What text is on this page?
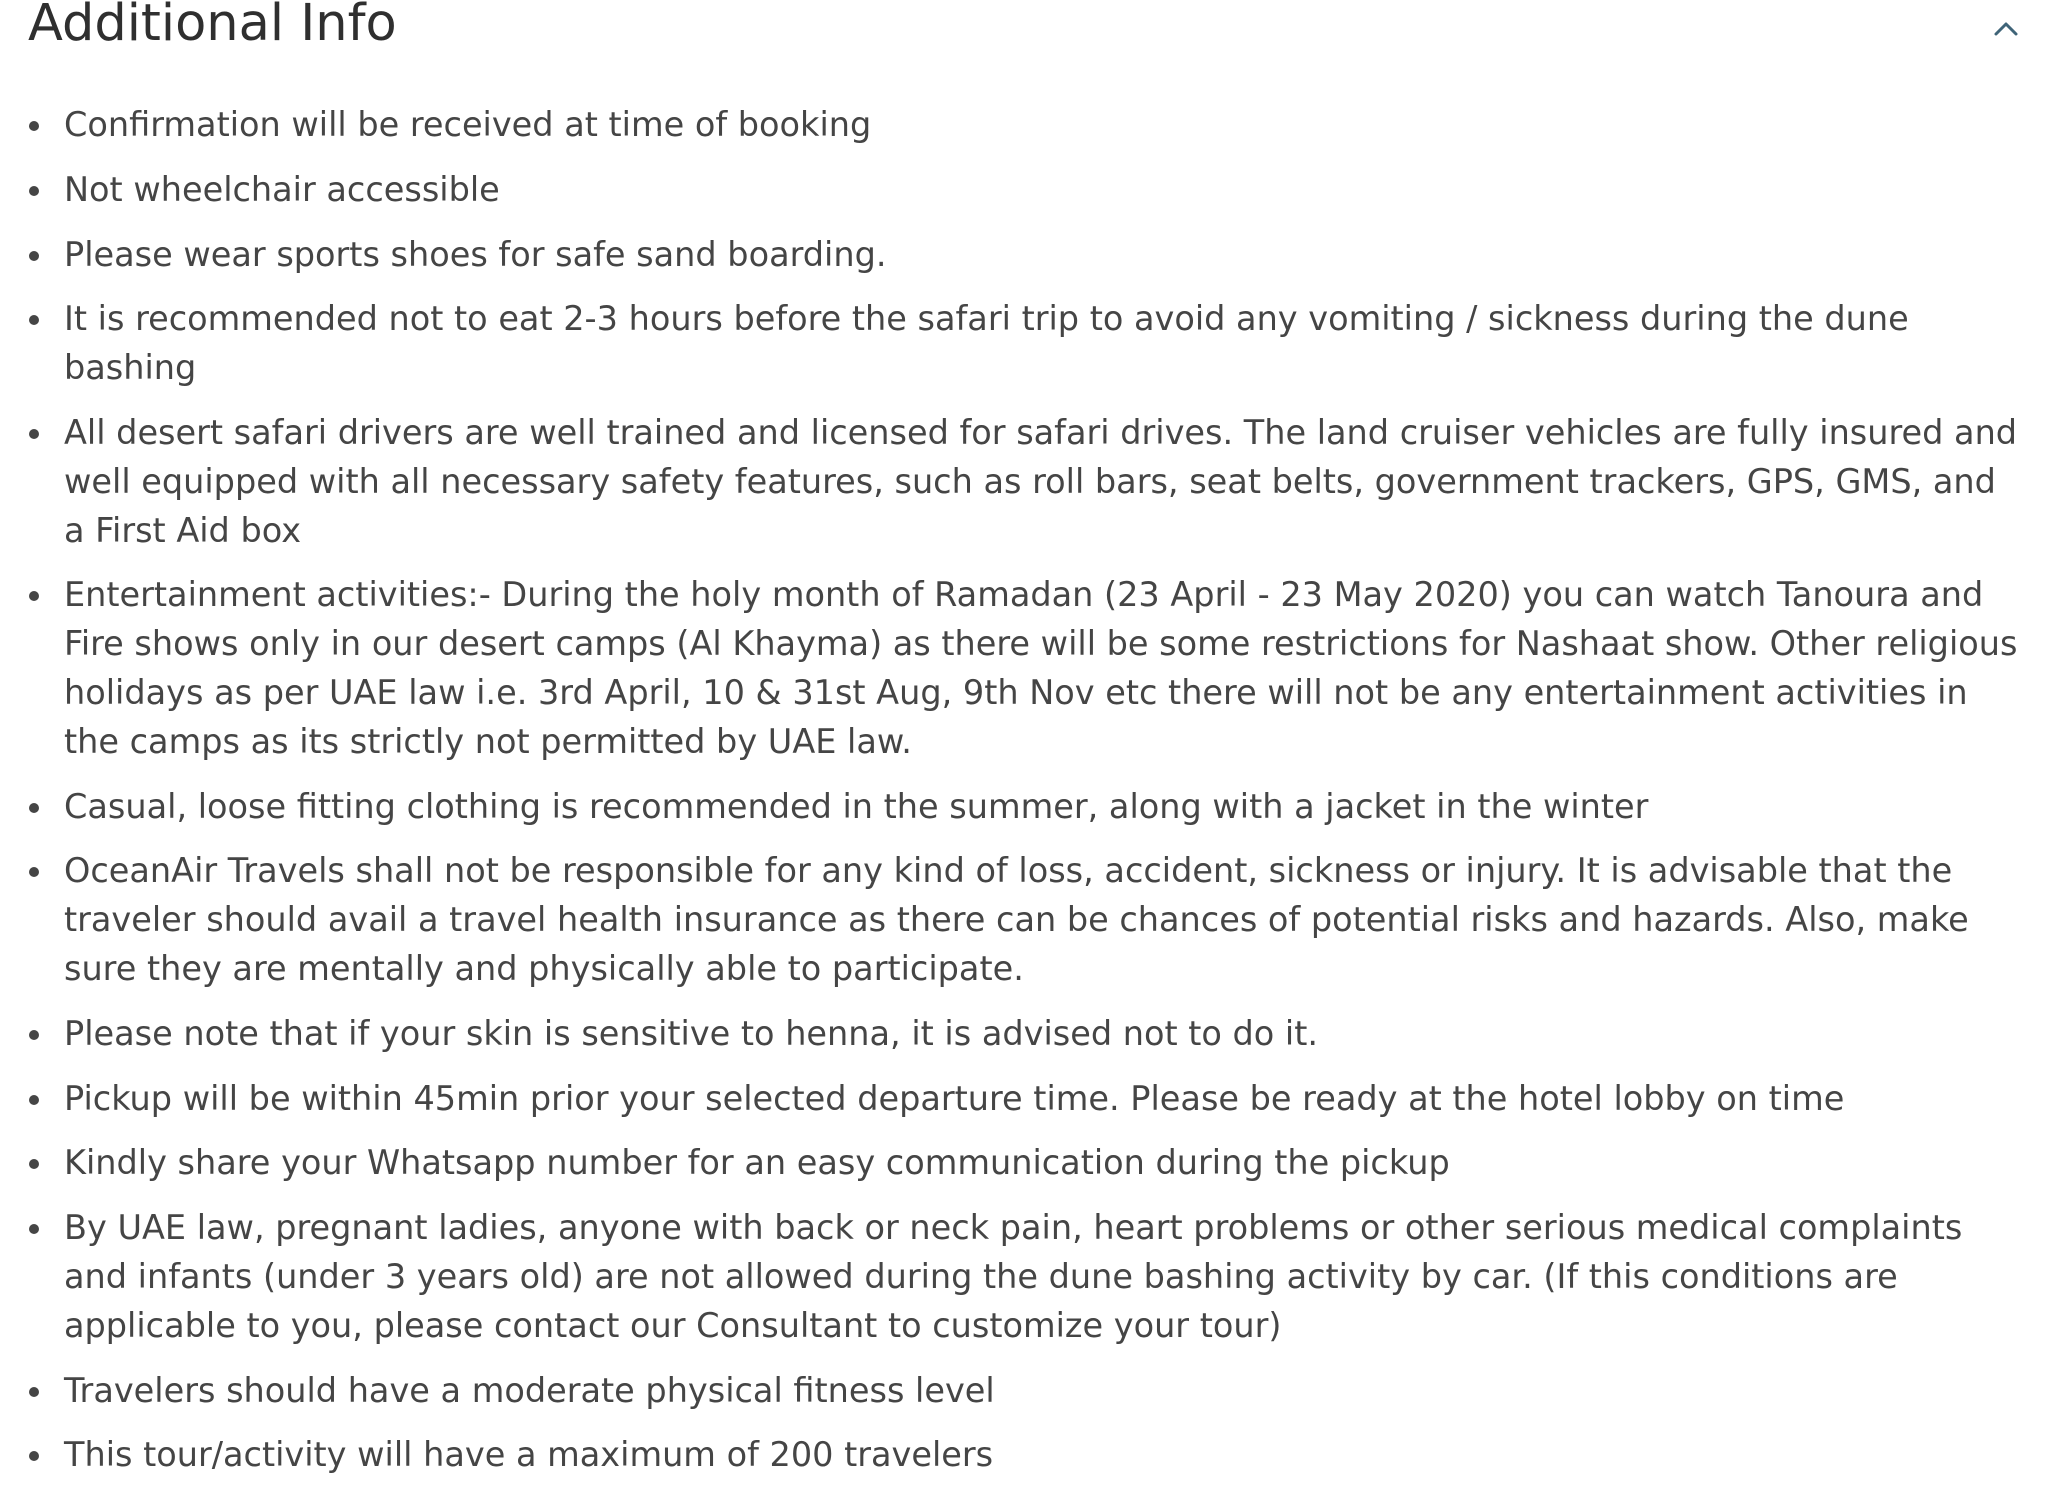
Additional Info
Confirmation will be received at time of booking
Not wheelchair accessible
Please wear sports shoes for safe sand boarding.
It is recommended not to eat 2-3 hours before the safari trip to avoid any vomiting / sickness during the dune bashing
All desert safari drivers are well trained and licensed for safari drives. The land cruiser vehicles are fully insured and well equipped with all necessary safety features, such as roll bars, seat belts, government trackers, GPS, GMS, and a First Aid box
Entertainment activities:- During the holy month of Ramadan (23 April - 23 May 2020) you can watch Tanoura and Fire shows only in our desert camps (Al Khayma) as there will be some restrictions for Nashaat show. Other religious holidays as per UAE law i.e. 3rd April, 10 & 31st Aug, 9th Nov etc there will not be any entertainment activities in the camps as its strictly not permitted by UAE law.
Casual, loose fitting clothing is recommended in the summer, along with a jacket in the winter
OceanAir Travels shall not be responsible for any kind of loss, accident, sickness or injury. It is advisable that the traveler should avail a travel health insurance as there can be chances of potential risks and hazards. Also, make sure they are mentally and physically able to participate.
Please note that if your skin is sensitive to henna, it is advised not to do it.
Pickup will be within 45min prior your selected departure time. Please be ready at the hotel lobby on time
Kindly share your Whatsapp number for an easy communication during the pickup
By UAE law, pregnant ladies, anyone with back or neck pain, heart problems or other serious medical complaints and infants (under 3 years old) are not allowed during the dune bashing activity by car. (If this conditions are applicable to you, please contact our Consultant to customize your tour)
Travelers should have a moderate physical fitness level
This tour/activity will have a maximum of 200 travelers
